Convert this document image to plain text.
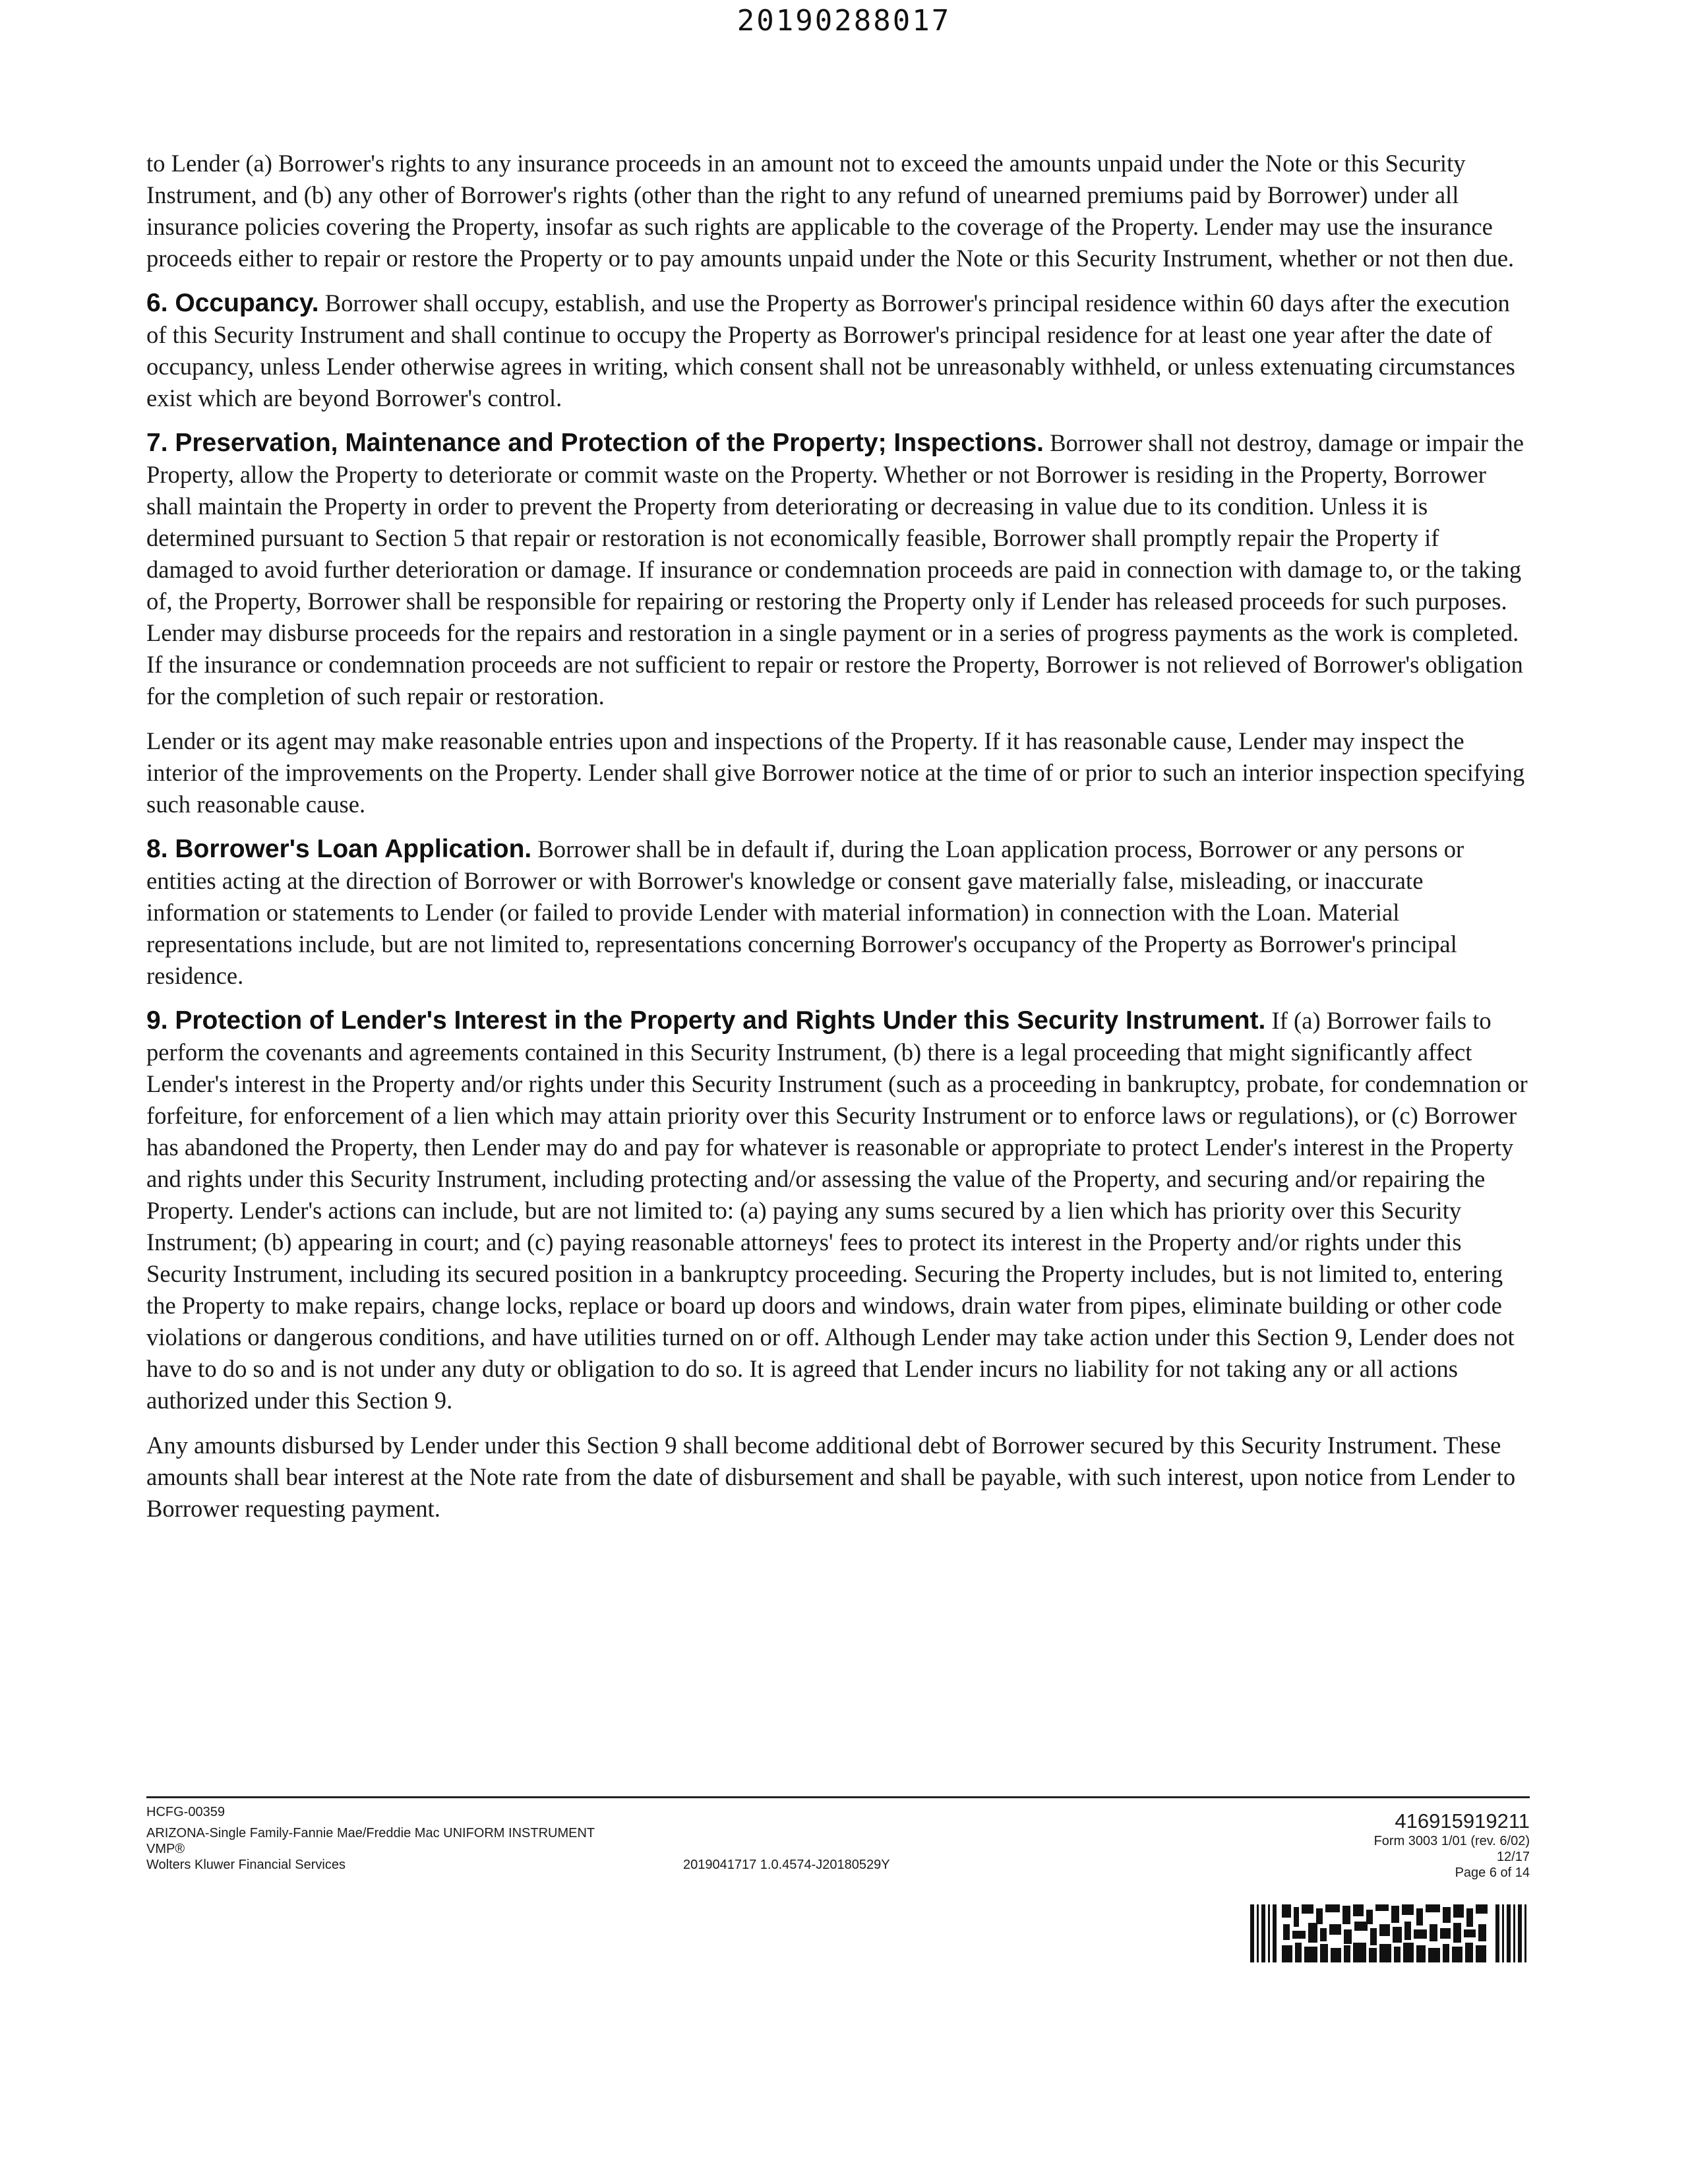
20190288017

to Lender (a) Borrower's rights to any insurance proceeds in an amount not to exceed the amounts unpaid under the Note or this Security Instrument, and (b) any other of Borrower's rights (other than the right to any refund of unearned premiums paid by Borrower) under all insurance policies covering the Property, insofar as such rights are applicable to the coverage of the Property. Lender may use the insurance proceeds either to repair or restore the Property or to pay amounts unpaid under the Note or this Security Instrument, whether or not then due.

6. Occupancy. Borrower shall occupy, establish, and use the Property as Borrower's principal residence within 60 days after the execution of this Security Instrument and shall continue to occupy the Property as Borrower's principal residence for at least one year after the date of occupancy, unless Lender otherwise agrees in writing, which consent shall not be unreasonably withheld, or unless extenuating circumstances exist which are beyond Borrower's control.

7. Preservation, Maintenance and Protection of the Property; Inspections. Borrower shall not destroy, damage or impair the Property, allow the Property to deteriorate or commit waste on the Property. Whether or not Borrower is residing in the Property, Borrower shall maintain the Property in order to prevent the Property from deteriorating or decreasing in value due to its condition. Unless it is determined pursuant to Section 5 that repair or restoration is not economically feasible, Borrower shall promptly repair the Property if damaged to avoid further deterioration or damage. If insurance or condemnation proceeds are paid in connection with damage to, or the taking of, the Property, Borrower shall be responsible for repairing or restoring the Property only if Lender has released proceeds for such purposes. Lender may disburse proceeds for the repairs and restoration in a single payment or in a series of progress payments as the work is completed. If the insurance or condemnation proceeds are not sufficient to repair or restore the Property, Borrower is not relieved of Borrower's obligation for the completion of such repair or restoration.

Lender or its agent may make reasonable entries upon and inspections of the Property. If it has reasonable cause, Lender may inspect the interior of the improvements on the Property. Lender shall give Borrower notice at the time of or prior to such an interior inspection specifying such reasonable cause.

8. Borrower's Loan Application. Borrower shall be in default if, during the Loan application process, Borrower or any persons or entities acting at the direction of Borrower or with Borrower's knowledge or consent gave materially false, misleading, or inaccurate information or statements to Lender (or failed to provide Lender with material information) in connection with the Loan. Material representations include, but are not limited to, representations concerning Borrower's occupancy of the Property as Borrower's principal residence.

9. Protection of Lender's Interest in the Property and Rights Under this Security Instrument. If (a) Borrower fails to perform the covenants and agreements contained in this Security Instrument, (b) there is a legal proceeding that might significantly affect Lender's interest in the Property and/or rights under this Security Instrument (such as a proceeding in bankruptcy, probate, for condemnation or forfeiture, for enforcement of a lien which may attain priority over this Security Instrument or to enforce laws or regulations), or (c) Borrower has abandoned the Property, then Lender may do and pay for whatever is reasonable or appropriate to protect Lender's interest in the Property and rights under this Security Instrument, including protecting and/or assessing the value of the Property, and securing and/or repairing the Property. Lender's actions can include, but are not limited to: (a) paying any sums secured by a lien which has priority over this Security Instrument; (b) appearing in court; and (c) paying reasonable attorneys' fees to protect its interest in the Property and/or rights under this Security Instrument, including its secured position in a bankruptcy proceeding. Securing the Property includes, but is not limited to, entering the Property to make repairs, change locks, replace or board up doors and windows, drain water from pipes, eliminate building or other code violations or dangerous conditions, and have utilities turned on or off. Although Lender may take action under this Section 9, Lender does not have to do so and is not under any duty or obligation to do so. It is agreed that Lender incurs no liability for not taking any or all actions authorized under this Section 9.

Any amounts disbursed by Lender under this Section 9 shall become additional debt of Borrower secured by this Security Instrument. These amounts shall bear interest at the Note rate from the date of disbursement and shall be payable, with such interest, upon notice from Lender to Borrower requesting payment.

HCFG-00359
ARIZONA-Single Family-Fannie Mae/Freddie Mac UNIFORM INSTRUMENT
VMP®
Wolters Kluwer Financial Services	2019041717 1.0.4574-J20180529Y
416915919211
Form 3003 1/01 (rev. 6/02)
12/17
Page 6 of 14
